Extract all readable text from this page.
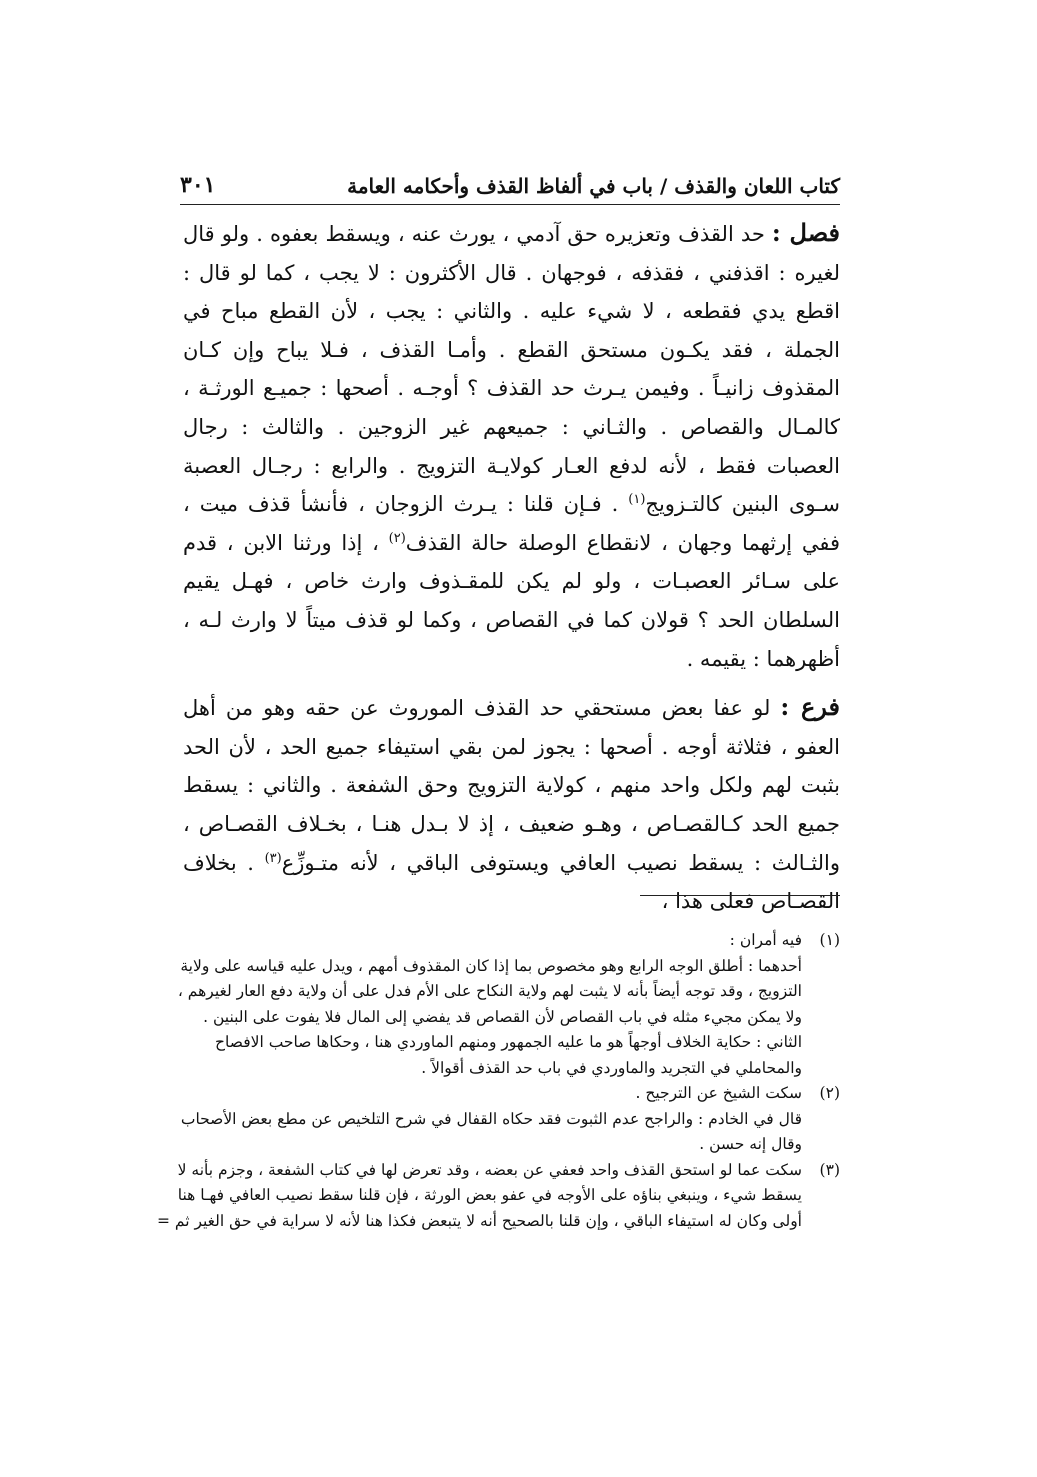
كتاب اللعان والقذف / باب في ألفاظ القذف وأحكامه العامة
٣٠١

فصل : حد القذف وتعزيره حق آدمي ، يورث عنه ، ويسقط بعفوه . ولو قال لغيره : اقذفني ، فقذفه ، فوجهان . قال الأكثرون : لا يجب ، كما لو قال : اقطع يدي فقطعه ، لا شيء عليه . والثاني : يجب ، لأن القطع مباح في الجملة ، فقد يكـون مستحق القطع . وأمـا القذف ، فـلا يباح وإن كـان المقذوف زانيـاً . وفيمن يـرث حد القذف ؟ أوجـه . أصحها : جميـع الورثـة ، كالمـال والقصاص . والثـاني : جميعهم غير الزوجين . والثالث : رجال العصبات فقط ، لأنه لدفع العـار كولايـة التزويج . والرابع : رجـال العصبة سـوى البنين كالتـزويج$^{(١)}$ . فـإن قلنا : يـرث الزوجان ، فأنشأ قذف ميت ، ففي إرثهما وجهان ، لانقطاع الوصلة حالة القذف$^{(٢)}$ ، إذا ورثنا الابن ، قدم على سـائر العصبـات ، ولو لم يكن للمقـذوف وارث خاص ، فهـل يقيم السلطان الحد ؟ قولان كما في القصاص ، وكما لو قذف ميتاً لا وارث لـه ، أظهرهما : يقيمه .

فرع : لو عفا بعض مستحقي حد القذف الموروث عن حقه وهو من أهل العفو ، فثلاثة أوجه . أصحها : يجوز لمن بقي استيفاء جميع الحد ، لأن الحد بثبت لهم ولكل واحد منهم ، كولاية التزويج وحق الشفعة . والثاني : يسقط جميع الحد كـالقصـاص ، وهـو ضعيف ، إذ لا بـدل هنـا ، بخـلاف القصـاص ، والثـالث : يسقط نصيب العافي ويستوفى الباقي ، لأنه متـوزِّع$^{(٣)}$ . بخلاف القصـاص فعلى هذا ،

(١)
فيه أمران :
أحدهما : أطلق الوجه الرابع وهو مخصوص بما إذا كان المقذوف أمهم ، ويدل عليه قياسه على ولاية
التزويج ، وقد توجه أيضاً بأنه لا يثبت لهم ولاية النكاح على الأم فدل على أن ولاية دفع العار لغيرهم ،
ولا يمكن مجيء مثله في باب القصاص لأن القصاص قد يفضي إلى المال فلا يفوت على البنين .
الثاني : حكاية الخلاف أوجهاً هو ما عليه الجمهور ومنهم الماوردي هنا ، وحكاها صاحب الافصاح
والمحاملي في التجريد والماوردي في باب حد القذف أقوالاً .
(٢)
سكت الشيخ عن الترجيح .
قال في الخادم : والراجح عدم الثبوت فقد حكاه القفال في شرح التلخيص عن مطع بعض الأصحاب
وقال إنه حسن .
(٣)
سكت عما لو استحق القذف واحد فعفي عن بعضه ، وقد تعرض لها في كتاب الشفعة ، وجزم بأنه لا
يسقط شيء ، وينبغي بناؤه على الأوجه في عفو بعض الورثة ، فإن قلنا سقط نصيب العافي فهـا هنا
أولى وكان له استيفاء الباقي ، وإن قلنا بالصحيح أنه لا يتبعض فكذا هنا لأنه لا سراية في حق الغير ثم =
